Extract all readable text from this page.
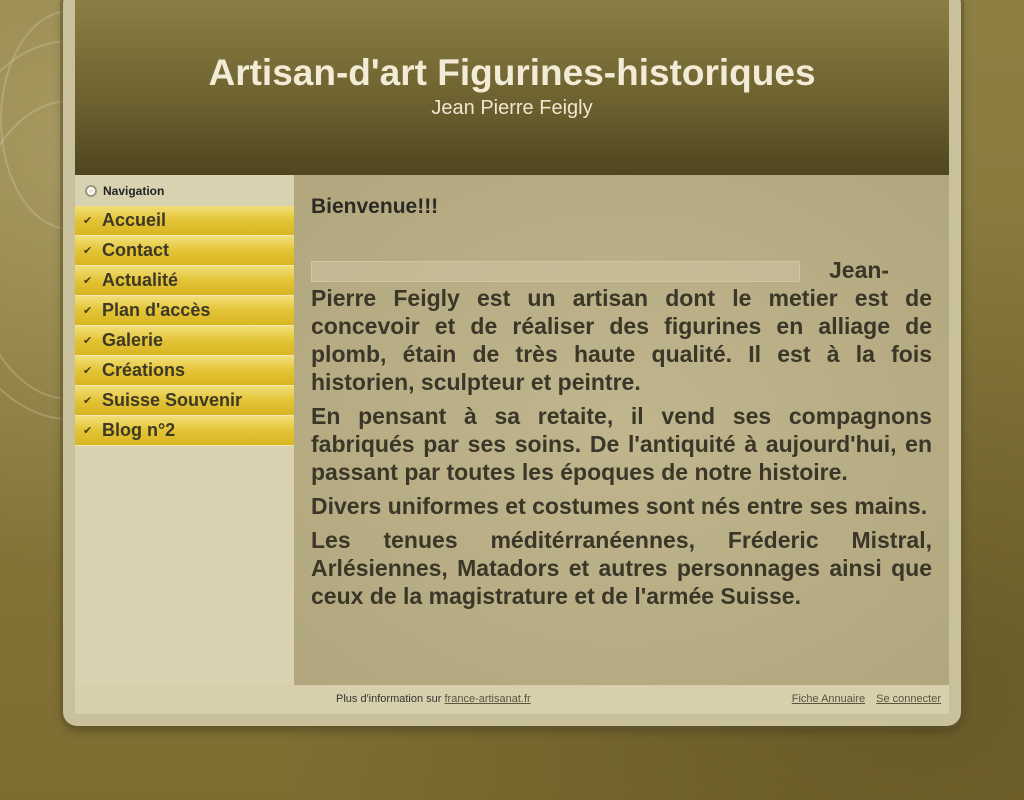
Artisan-d'art Figurines-historiques
Jean Pierre Feigly
Navigation
✔ Accueil
✔ Contact
✔ Actualité
✔ Plan d'accès
✔ Galerie
✔ Créations
✔ Suisse Souvenir
✔ Blog n°2
Bienvenue!!!

Jean-Pierre Feigly est un artisan dont le metier est de concevoir et de réaliser des figurines en alliage de plomb, étain de très haute qualité. Il est à la fois historien, sculpteur et peintre.

En pensant à sa retaite, il vend ses compagnons fabriqués par ses soins. De l'antiquité à aujourd'hui, en passant par toutes les époques de notre histoire.

Divers uniformes et costumes sont nés entre ses mains.

Les tenues méditérranéennes, Fréderic Mistral, Arlésiennes, Matadors et autres personnages ainsi que ceux de la magistrature et de l'armée Suisse.

Plus d'information sur france-artisanat.fr	Fiche Annuaire Se connecter
